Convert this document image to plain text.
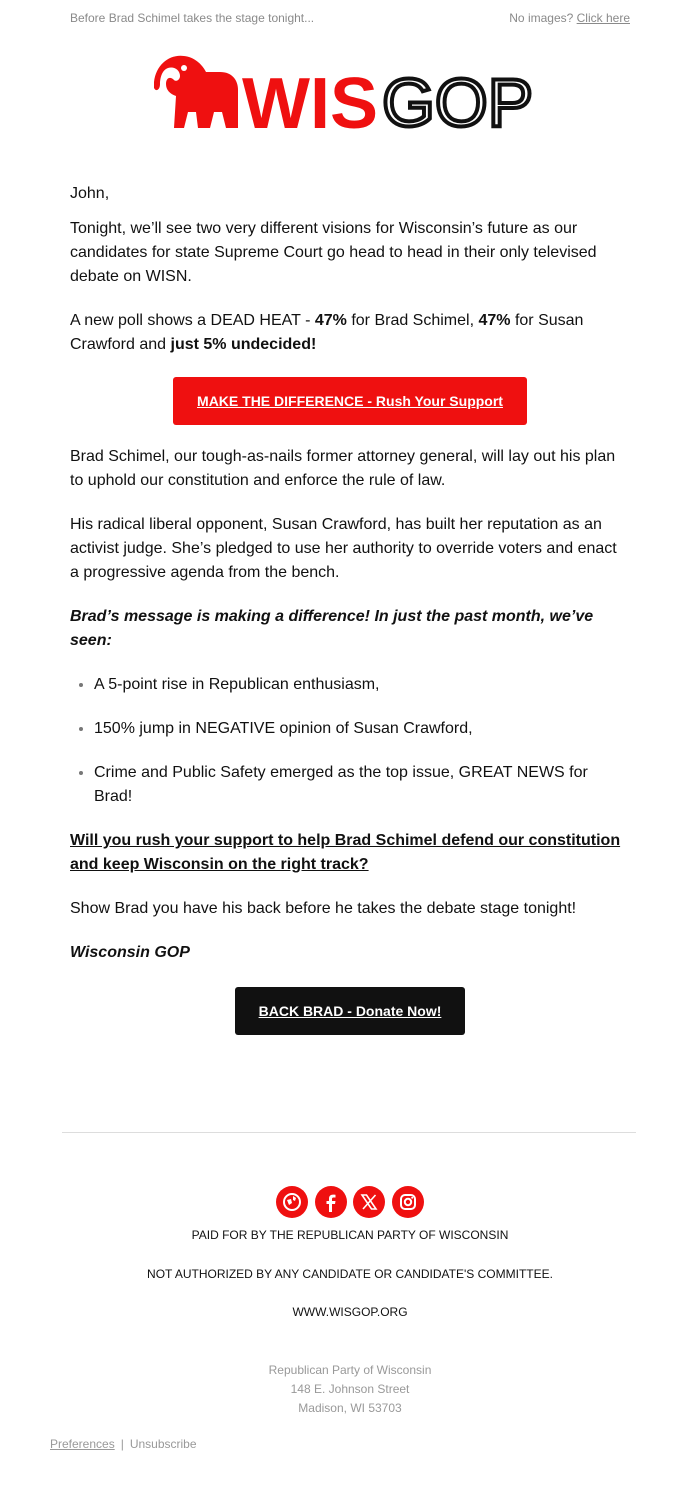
Before Brad Schimel takes the stage tonight...	No images? Click here
WIS GOP

John,

Tonight, we’ll see two very different visions for Wisconsin’s future as our candidates for state Supreme Court go head to head in their only televised debate on WISN.

A new poll shows a DEAD HEAT - 47% for Brad Schimel, 47% for Susan Crawford and just 5% undecided!

MAKE THE DIFFERENCE - Rush Your Support

Brad Schimel, our tough-as-nails former attorney general, will lay out his plan to uphold our constitution and enforce the rule of law.

His radical liberal opponent, Susan Crawford, has built her reputation as an activist judge. She’s pledged to use her authority to override voters and enact a progressive agenda from the bench.

Brad’s message is making a difference! In just the past month, we’ve seen:

• A 5-point rise in Republican enthusiasm,
• 150% jump in NEGATIVE opinion of Susan Crawford,
• Crime and Public Safety emerged as the top issue, GREAT NEWS for Brad!

Will you rush your support to help Brad Schimel defend our constitution and keep Wisconsin on the right track?

Show Brad you have his back before he takes the debate stage tonight!

Wisconsin GOP

BACK BRAD - Donate Now!

PAID FOR BY THE REPUBLICAN PARTY OF WISCONSIN
NOT AUTHORIZED BY ANY CANDIDATE OR CANDIDATE'S COMMITTEE.
WWW.WISGOP.ORG
Republican Party of Wisconsin
148 E. Johnson Street
Madison, WI 53703
Preferences | Unsubscribe
